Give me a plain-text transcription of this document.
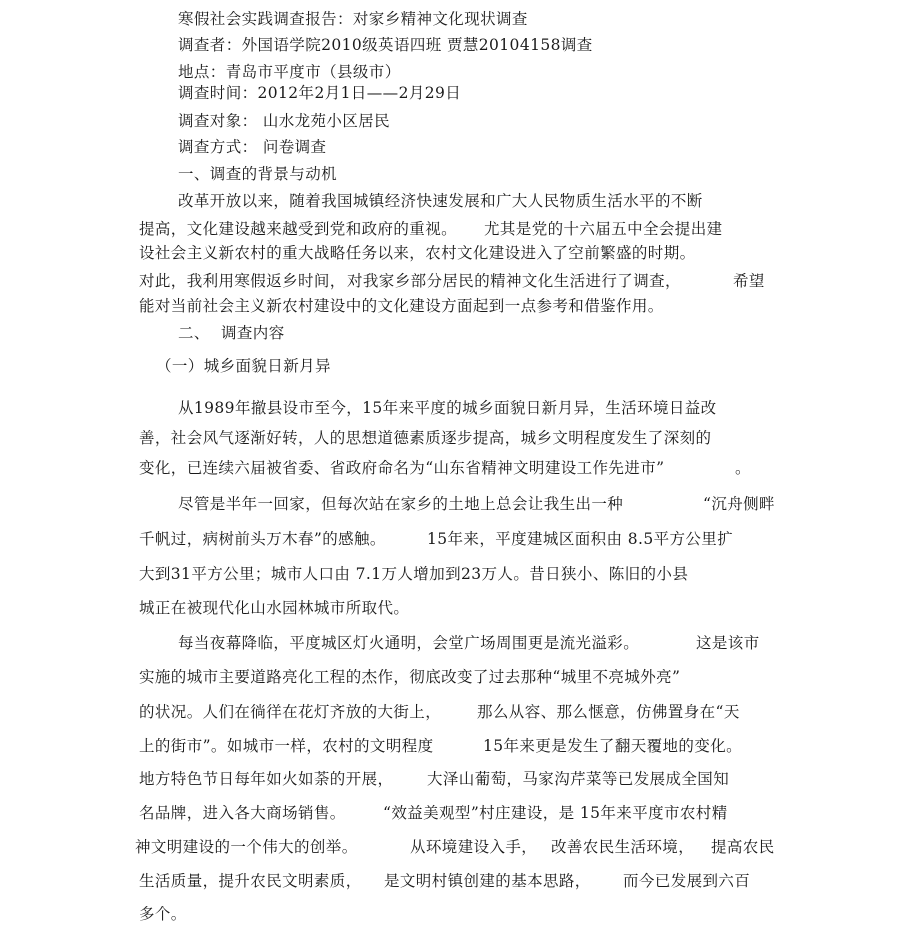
寒假社会实践调查报告：对家乡精神文化现状调查
调查者：外国语学院2010级英语四班 贾慧20104158调查
地点：青岛市平度市（县级市）
调查时间：2012年2月1日——2月29日
调查对象： 山水龙苑小区居民
调查方式： 问卷调查
一、调查的背景与动机
改革开放以来，随着我国城镇经济快速发展和广大人民物质生活水平的不断
提高，文化建设越来越受到党和政府的重视。 尤其是党的十六届五中全会提出建
设社会主义新农村的重大战略任务以来，农村文化建设进入了空前繁盛的时期。
对此，我利用寒假返乡时间， 对我家乡部分居民的精神文化生活进行了调查，	希望
能对当前社会主义新农村建设中的文化建设方面起到一点参考和借鉴作用。
二、 调查内容
（一）城乡面貌日新月异
从1989年撤县设市至今，15年来平度的城乡面貌日新月异，生活环境日益改
善，社会风气逐渐好转，人的思想道德素质逐步提高，城乡文明程度发生了深刻的
变化，已连续六届被省委、省政府命名为“山东省精神文明建设工作先进市”	。
尽管是半年一回家，但每次站在家乡的土地上总会让我生出一种	“沉舟侧畔
千帆过，病树前头万木春”的感触。	15年来，平度建城区面积由 8.5平方公里扩
大到31平方公里；城市人口由 7.1万人增加到23万人。昔日狭小、陈旧的小县
城正在被现代化山水园林城市所取代。
每当夜幕降临，平度城区灯火通明，会堂广场周围更是流光溢彩。	这是该市
实施的城市主要道路亮化工程的杰作，彻底改变了过去那种“城里不亮城外亮”
的状况。人们在徜徉在花灯齐放的大街上， 那么从容、那么惬意，仿佛置身在“天
上的街市”。如城市一样，农村的文明程度	15年来更是发生了翻天覆地的变化。
地方特色节日每年如火如荼的开展， 大泽山葡萄，马家沟芹菜等已发展成全国知
名品牌，进入各大商场销售。 “效益美观型”村庄建设，是 15年来平度市农村精
神文明建设的一个伟大的创举。	从环境建设入手， 改善农民生活环境， 提高农民
生活质量，提升农民文明素质， 是文明村镇创建的基本思路， 而今已发展到六百
多个。
